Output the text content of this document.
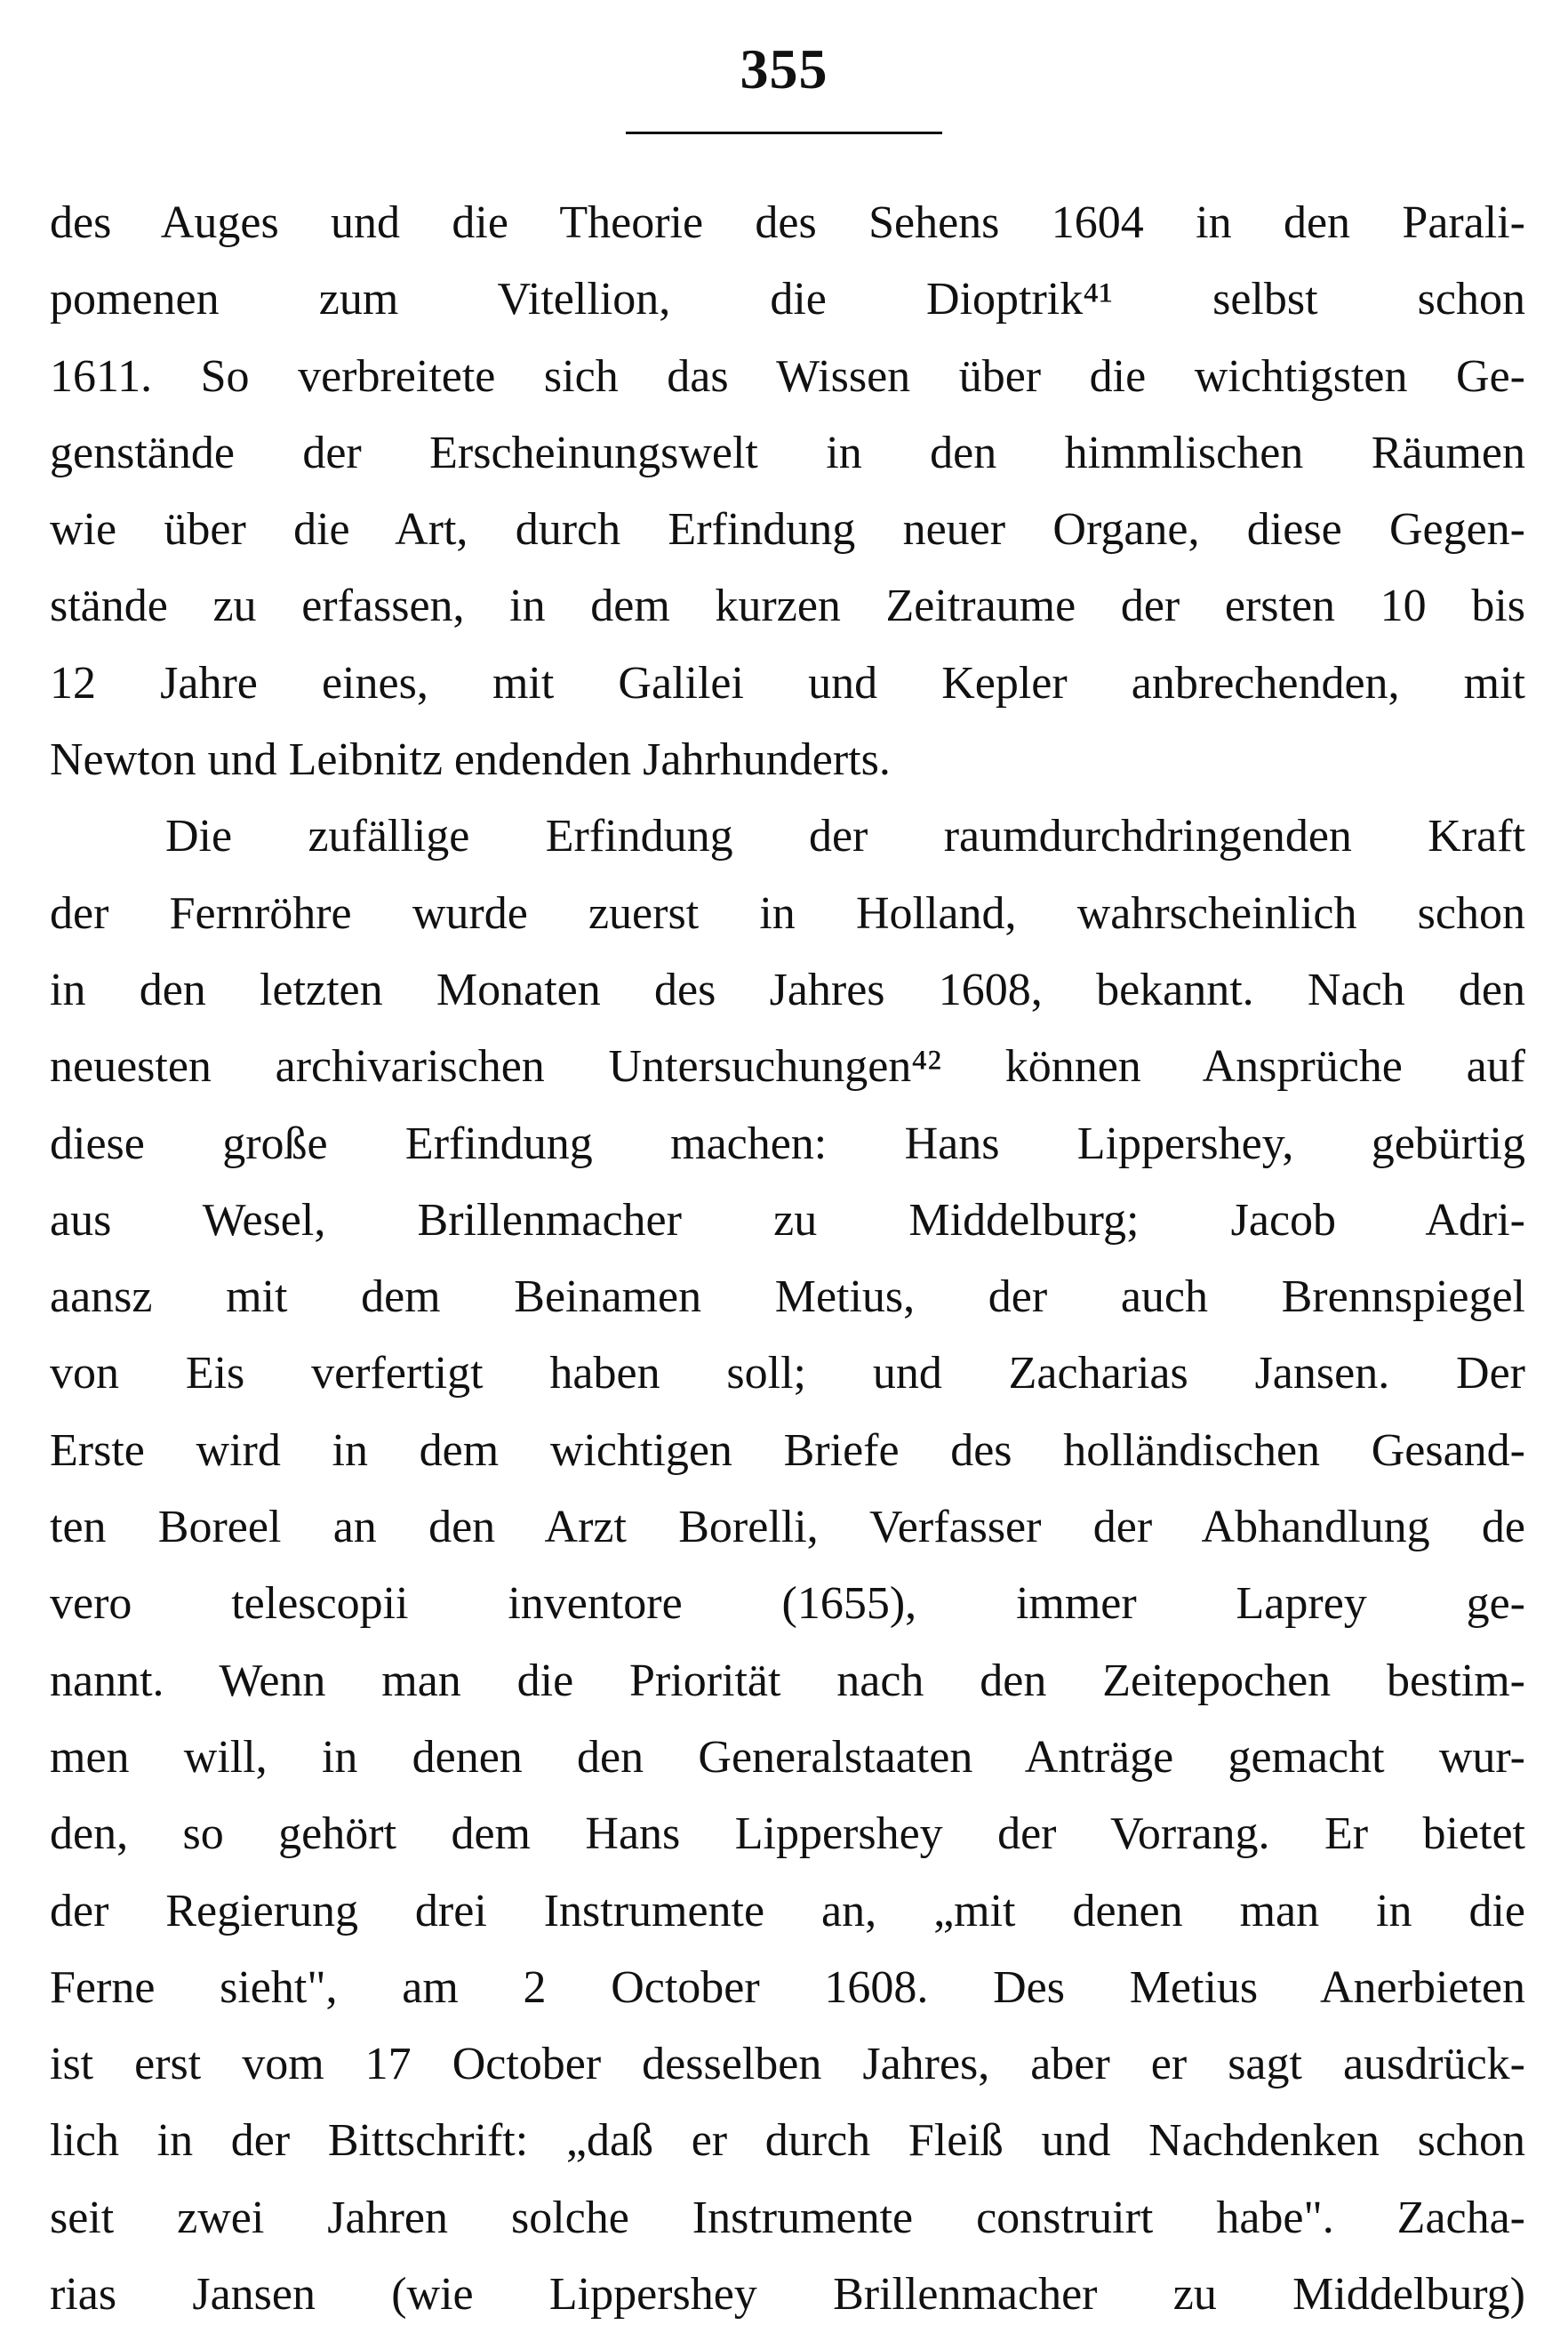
355
des Auges und die Theorie des Sehens 1604 in den Parali-
pomenen zum Vitellion, die Dioptrik⁴¹ selbst schon
1611. So verbreitete sich das Wissen über die wichtigsten Ge-
genstände der Erscheinungswelt in den himmlischen Räumen
wie über die Art, durch Erfindung neuer Organe, diese Gegen-
stände zu erfassen, in dem kurzen Zeitraume der ersten 10 bis
12 Jahre eines, mit Galilei und Kepler anbrechenden, mit
Newton und Leibnitz endenden Jahrhunderts.
Die zufällige Erfindung der raumdurchdringenden Kraft
der Fernröhre wurde zuerst in Holland, wahrscheinlich schon
in den letzten Monaten des Jahres 1608, bekannt. Nach den
neuesten archivarischen Untersuchungen⁴² können Ansprüche auf
diese große Erfindung machen: Hans Lippershey, gebürtig
aus Wesel, Brillenmacher zu Middelburg; Jacob Adri-
aansz mit dem Beinamen Metius, der auch Brennspiegel
von Eis verfertigt haben soll; und Zacharias Jansen. Der
Erste wird in dem wichtigen Briefe des holländischen Gesand-
ten Boreel an den Arzt Borelli, Verfasser der Abhandlung de
vero telescopii inventore (1655), immer Laprey ge-
nannt. Wenn man die Priorität nach den Zeitepochen bestim-
men will, in denen den Generalstaaten Anträge gemacht wur-
den, so gehört dem Hans Lippershey der Vorrang. Er bietet
der Regierung drei Instrumente an, „mit denen man in die
Ferne sieht", am 2 October 1608. Des Metius Anerbieten
ist erst vom 17 October desselben Jahres, aber er sagt ausdrück-
lich in der Bittschrift: „daß er durch Fleiß und Nachdenken schon
seit zwei Jahren solche Instrumente construirt habe". Zacha-
rias Jansen (wie Lippershey Brillenmacher zu Middelburg)
